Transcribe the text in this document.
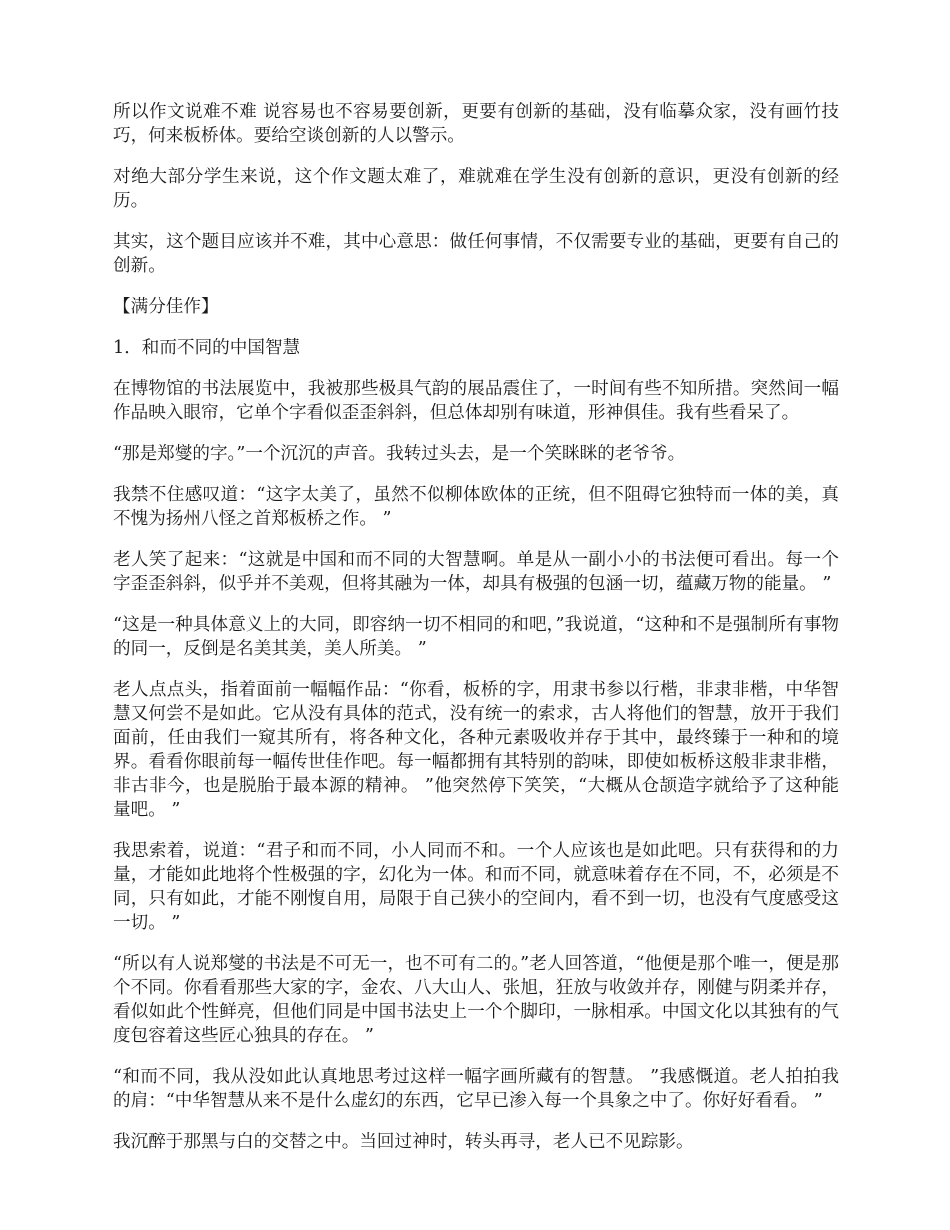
所以作文说难不难 说容易也不容易要创新，更要有创新的基础，没有临摹众家，没有画竹技巧，何来板桥体。要给空谈创新的人以警示。

对绝大部分学生来说，这个作文题太难了，难就难在学生没有创新的意识，更没有创新的经历。

其实，这个题目应该并不难，其中心意思：做任何事情，不仅需要专业的基础，更要有自己的创新。

【满分佳作】

1．和而不同的中国智慧

在博物馆的书法展览中，我被那些极具气韵的展品震住了，一时间有些不知所措。突然间一幅作品映入眼帘，它单个字看似歪歪斜斜，但总体却别有味道，形神俱佳。我有些看呆了。

“那是郑燮的字。”一个沉沉的声音。我转过头去，是一个笑眯眯的老爷爷。

我禁不住感叹道：“这字太美了，虽然不似柳体欧体的正统，但不阻碍它独特而一体的美，真不愧为扬州八怪之首郑板桥之作。 ”

老人笑了起来：“这就是中国和而不同的大智慧啊。单是从一副小小的书法便可看出。每一个字歪歪斜斜，似乎并不美观，但将其融为一体，却具有极强的包涵一切，蕴藏万物的能量。 ”

“这是一种具体意义上的大同，即容纳一切不相同的和吧，”我说道，“这种和不是强制所有事物的同一，反倒是名美其美，美人所美。 ”

老人点点头，指着面前一幅幅作品：“你看，板桥的字，用隶书参以行楷，非隶非楷，中华智慧又何尝不是如此。它从没有具体的范式，没有统一的索求，古人将他们的智慧，放开于我们面前，任由我们一窥其所有，将各种文化，各种元素吸收并存于其中，最终臻于一种和的境界。看看你眼前每一幅传世佳作吧。每一幅都拥有其特别的韵味，即使如板桥这般非隶非楷，非古非今，也是脱胎于最本源的精神。 ”他突然停下笑笑，“大概从仓颉造字就给予了这种能量吧。 ”

我思索着，说道：“君子和而不同，小人同而不和。一个人应该也是如此吧。只有获得和的力量，才能如此地将个性极强的字，幻化为一体。和而不同，就意味着存在不同，不，必须是不同，只有如此，才能不刚愎自用，局限于自己狭小的空间内，看不到一切，也没有气度感受这一切。 ”

“所以有人说郑燮的书法是不可无一，也不可有二的。”老人回答道，“他便是那个唯一，便是那个不同。你看看那些大家的字，金农、八大山人、张旭，狂放与收敛并存，刚健与阴柔并存，看似如此个性鲜亮，但他们同是中国书法史上一个个脚印，一脉相承。中国文化以其独有的气度包容着这些匠心独具的存在。 ”

“和而不同，我从没如此认真地思考过这样一幅字画所藏有的智慧。 ”我感慨道。老人拍拍我的肩：“中华智慧从来不是什么虚幻的东西，它早已渗入每一个具象之中了。你好好看看。 ”

我沉醉于那黑与白的交替之中。当回过神时，转头再寻，老人已不见踪影。
